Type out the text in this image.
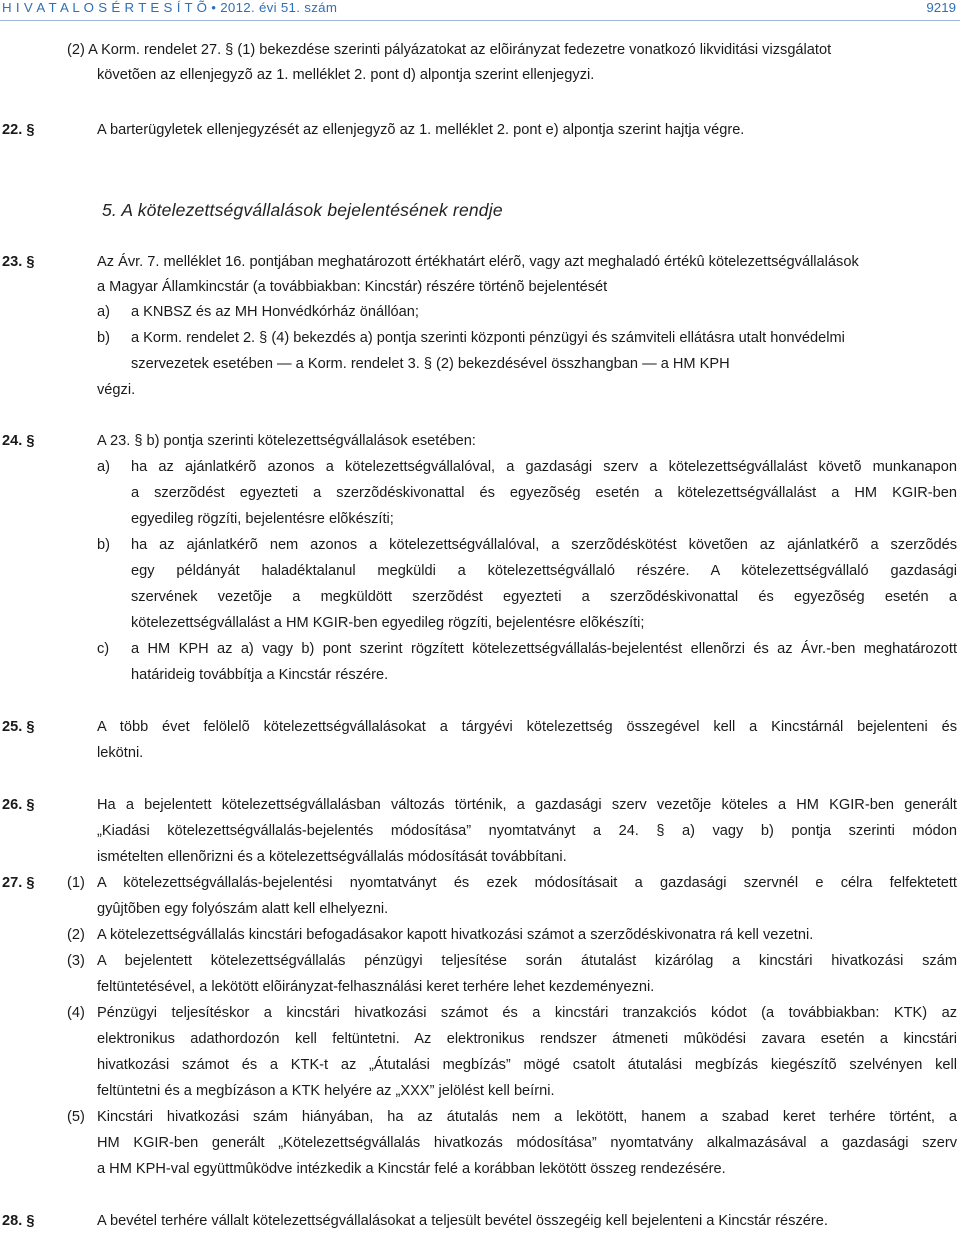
H I V A T A L O S É R T E S Í T Õ • 2012. évi 51. szám	9219
(2) A Korm. rendelet 27. § (1) bekezdése szerinti pályázatokat az elõirányzat fedezetre vonatkozó likviditási vizsgálatot
követõen az ellenjegyzõ az 1. melléklet 2. pont d) alpontja szerint ellenjegyzi.
22. §	A barterügyletek ellenjegyzését az ellenjegyzõ az 1. melléklet 2. pont e) alpontja szerint hajtja végre.
5. A kötelezettségvállalások bejelentésének rendje
23. §	Az Ávr. 7. melléklet 16. pontjában meghatározott értékhatárt elérõ, vagy azt meghaladó értékû kötelezettségvállalások
a Magyar Államkincstár (a továbbiakban: Kincstár) részére történõ bejelentését
a) a KNBSZ és az MH Honvédkórház önállóan;
b) a Korm. rendelet 2. § (4) bekezdés a) pontja szerinti központi pénzügyi és számviteli ellátásra utalt honvédelmi
szervezetek esetében — a Korm. rendelet 3. § (2) bekezdésével összhangban — a HM KPH
végzi.
24. §	A 23. § b) pontja szerinti kötelezettségvállalások esetében:
a) ha az ajánlatkérõ azonos a kötelezettségvállalóval, a gazdasági szerv a kötelezettségvállalást követõ munkanapon
a szerzõdést egyezteti a szerzõdéskivonattal és egyezõség esetén a kötelezettségvállalást a HM KGIR-ben
egyedileg rögzíti, bejelentésre elõkészíti;
b) ha az ajánlatkérõ nem azonos a kötelezettségvállalóval, a szerzõdéskötést követõen az ajánlatkérõ a szerzõdés
egy példányát haladéktalanul megküldi a kötelezettségvállaló részére. A kötelezettségvállaló gazdasági
szervének vezetõje a megküldött szerzõdést egyezteti a szerzõdéskivonattal és egyezõség esetén a
kötelezettségvállalást a HM KGIR-ben egyedileg rögzíti, bejelentésre elõkészíti;
c) a HM KPH az a) vagy b) pont szerint rögzített kötelezettségvállalás-bejelentést ellenõrzi és az Ávr.-ben meghatározott
határideig továbbítja a Kincstár részére.
25. §	A több évet felölelõ kötelezettségvállalásokat a tárgyévi kötelezettség összegével kell a Kincstárnál bejelenteni és
lekötni.
26. §	Ha a bejelentett kötelezettségvállalásban változás történik, a gazdasági szerv vezetõje köteles a HM KGIR-ben generált
„Kiadási kötelezettségvállalás-bejelentés módosítása” nyomtatványt a 24. § a) vagy b) pontja szerinti módon
ismételten ellenõrizni és a kötelezettségvállalás módosítását továbbítani.
27. § (1) A kötelezettségvállalás-bejelentési nyomtatványt és ezek módosításait a gazdasági szervnél e célra felfektetett
gyûjtõben egy folyószám alatt kell elhelyezni.
(2) A kötelezettségvállalás kincstári befogadásakor kapott hivatkozási számot a szerzõdéskivonatra rá kell vezetni.
(3) A bejelentett kötelezettségvállalás pénzügyi teljesítése során átutalást kizárólag a kincstári hivatkozási szám
feltüntetésével, a lekötött elõirányzat-felhasználási keret terhére lehet kezdeményezni.
(4) Pénzügyi teljesítéskor a kincstári hivatkozási számot és a kincstári tranzakciós kódot (a továbbiakban: KTK) az
elektronikus adathordozón kell feltüntetni. Az elektronikus rendszer átmeneti mûködési zavara esetén a kincstári
hivatkozási számot és a KTK-t az „Átutalási megbízás” mögé csatolt átutalási megbízás kiegészítõ szelvényen kell
feltüntetni és a megbízáson a KTK helyére az „XXX” jelölést kell beírni.
(5) Kincstári hivatkozási szám hiányában, ha az átutalás nem a lekötött, hanem a szabad keret terhére történt, a
HM KGIR-ben generált „Kötelezettségvállalás hivatkozás módosítása” nyomtatvány alkalmazásával a gazdasági szerv
a HM KPH-val együttmûködve intézkedik a Kincstár felé a korábban lekötött összeg rendezésére.
28. §	A bevétel terhére vállalt kötelezettségvállalásokat a teljesült bevétel összegéig kell bejelenteni a Kincstár részére.
